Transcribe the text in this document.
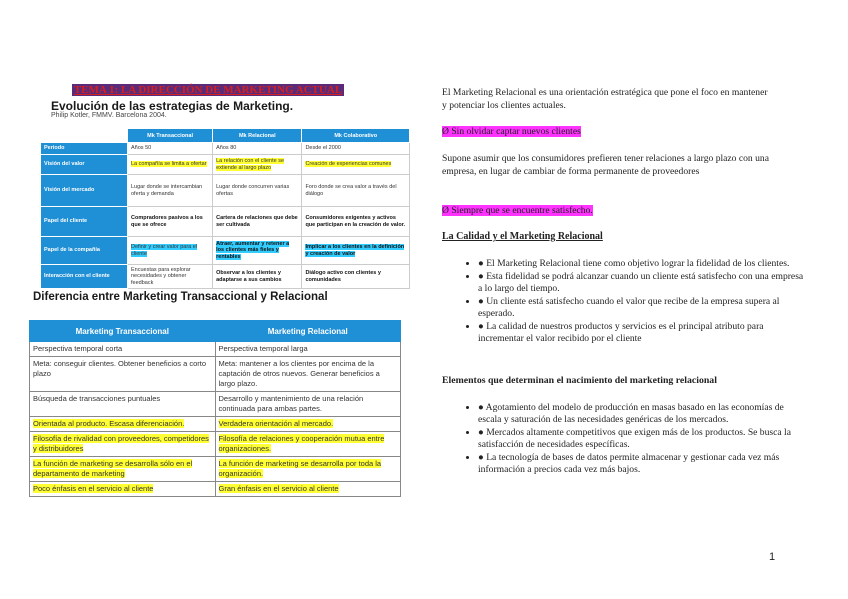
TEMA 1: LA DIRECCIÓN DE MARKETING ACTUAL
Evolución de las estrategias de Marketing.
Philip Kotler, FMMV. Barcelona 2004.
	Mk Transaccional	Mk Relacional	Mk Colaborativo
Periodo	Años 50	Años 80	Desde el 2000
Visión del valor	La compañía se limita a ofertar	La relación con el cliente se extiende al largo plazo	Creación de experiencias comunes
Visión del mercado	Lugar donde se intercambian oferta y demanda	Lugar donde concurren varias ofertas	Foro donde se crea valor a través del diálogo
Papel del cliente	Compradores pasivos a los que se ofrece	Cartera de relaciones que debe ser cultivada	Consumidores exigentes y activos que participan en la creación de valor.
Papel de la compañía	Definir y crear valor para el cliente	Atraer, aumentar y retener a los clientes más fieles y rentables	Implicar a los clientes en la definición y creación de valor
Interacción con el cliente	Encuestas para explorar necesidades y obtener feedback	Observar a los clientes y adaptarse a sus cambios	Diálogo activo con clientes y comunidades
Diferencia entre Marketing Transaccional y Relacional
Marketing Transaccional	Marketing Relacional
Perspectiva temporal corta	Perspectiva temporal larga
Meta: conseguir clientes. Obtener beneficios a corto plazo	Meta: mantener a los clientes por encima de la captación de otros nuevos. Generar beneficios a largo plazo.
Búsqueda de transacciones puntuales	Desarrollo y mantenimiento de una relación continuada para ambas partes.
Orientada al producto. Escasa diferenciación.	Verdadera orientación al mercado.
Filosofía de rivalidad con proveedores, competidores y distribuidores	Filosofía de relaciones y cooperación mutua entre organizaciones.
La función de marketing se desarrolla sólo en el departamento de marketing	La función de marketing se desarrolla por toda la organización.
Poco énfasis en el servicio al cliente	Gran énfasis en el servicio al cliente

El Marketing Relacional es una orientación estratégica que pone el foco en mantener y potenciar los clientes actuales.

Ø Sin olvidar captar nuevos clientes

Supone asumir que los consumidores prefieren tener relaciones a largo plazo con una empresa, en lugar de cambiar de forma permanente de proveedores

Ø Siempre que se encuentre satisfecho.

La Calidad y el Marketing Relacional

• ● El Marketing Relacional tiene como objetivo lograr la fidelidad de los clientes.
• ● Esta fidelidad se podrá alcanzar cuando un cliente está satisfecho con una empresa a lo largo del tiempo.
• ● Un cliente está satisfecho cuando el valor que recibe de la empresa supera al esperado.
• ● La calidad de nuestros productos y servicios es el principal atributo para incrementar el valor recibido por el cliente

Elementos que determinan el nacimiento del marketing relacional

• ● Agotamiento del modelo de producción en masas basado en las economías de escala y saturación de las necesidades genéricas de los mercados.
• ● Mercados altamente competitivos que exigen más de los productos. Se busca la satisfacción de necesidades específicas.
• ● La tecnología de bases de datos permite almacenar y gestionar cada vez más información a precios cada vez más bajos.
1
